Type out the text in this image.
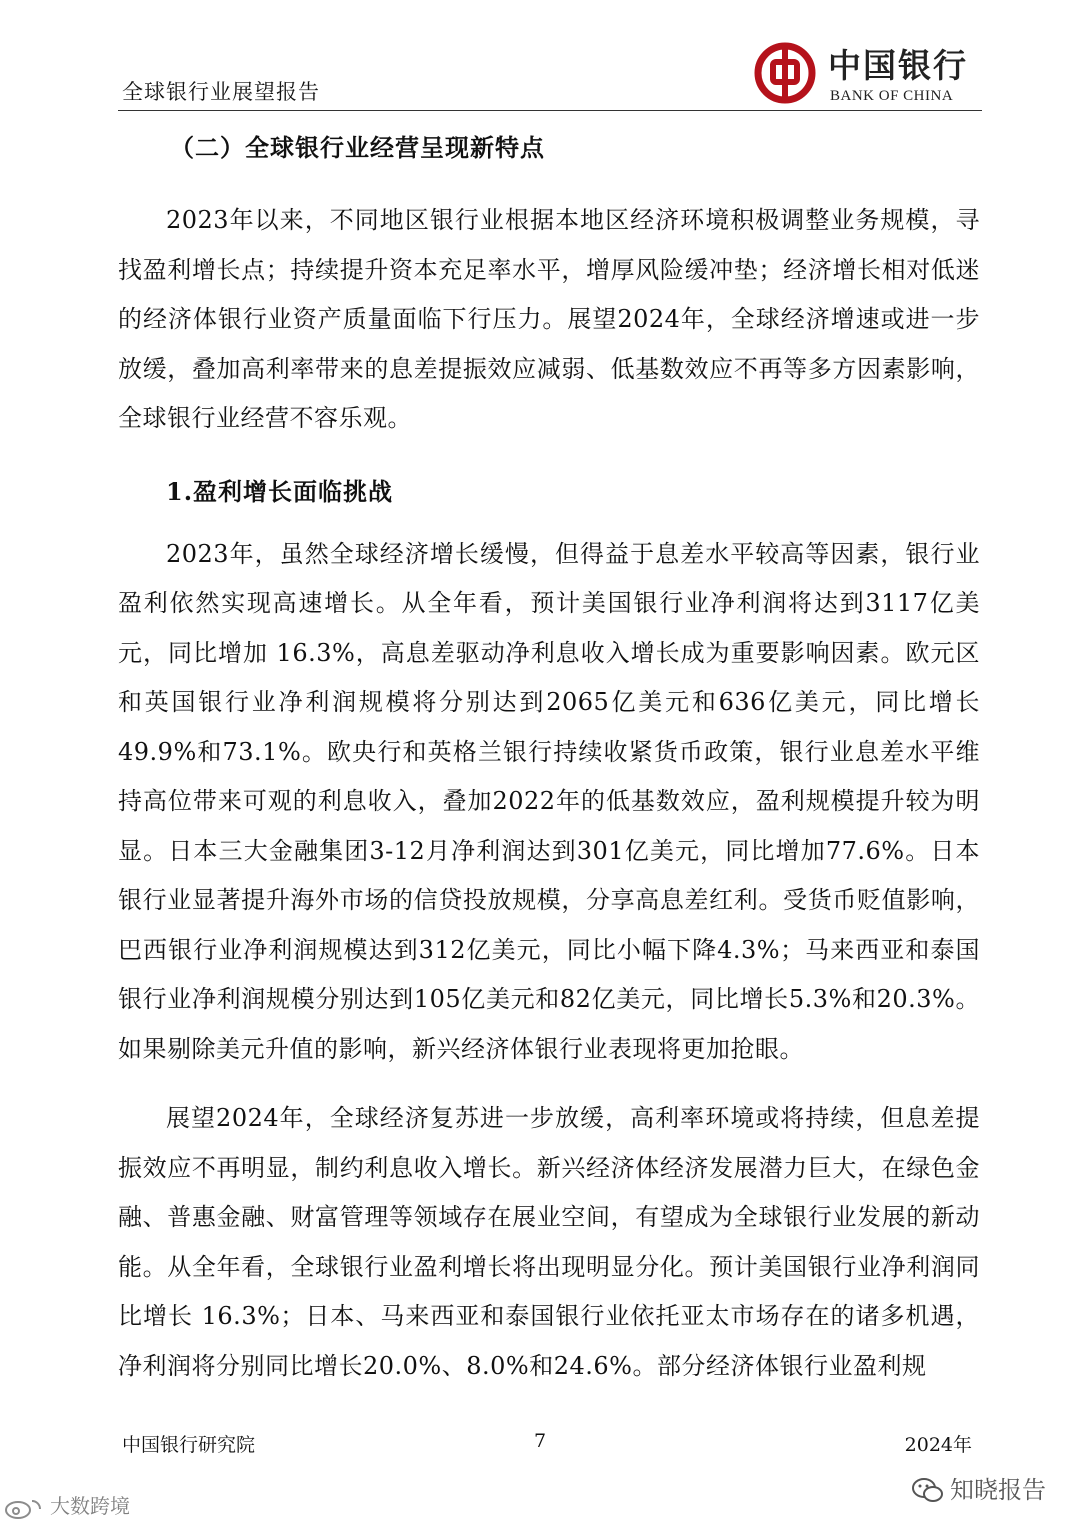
全球银行业展望报告
中国银行
BANK OF CHINA

（二）全球银行业经营呈现新特点

2023年以来，不同地区银行业根据本地区经济环境积极调整业务规模，寻找盈利增长点；持续提升资本充足率水平，增厚风险缓冲垫；经济增长相对低迷的经济体银行业资产质量面临下行压力。展望2024年，全球经济增速或进一步放缓，叠加高利率带来的息差提振效应减弱、低基数效应不再等多方因素影响，全球银行业经营不容乐观。

1.盈利增长面临挑战

2023年，虽然全球经济增长缓慢，但得益于息差水平较高等因素，银行业盈利依然实现高速增长。从全年看，预计美国银行业净利润将达到3117亿美元，同比增加 16.3%，高息差驱动净利息收入增长成为重要影响因素。欧元区和英国银行业净利润规模将分别达到2065亿美元和636亿美元，同比增长49.9%和73.1%。欧央行和英格兰银行持续收紧货币政策，银行业息差水平维持高位带来可观的利息收入，叠加2022年的低基数效应，盈利规模提升较为明显。日本三大金融集团3-12月净利润达到301亿美元，同比增加77.6%。日本银行业显著提升海外市场的信贷投放规模，分享高息差红利。受货币贬值影响，巴西银行业净利润规模达到312亿美元，同比小幅下降4.3%；马来西亚和泰国银行业净利润规模分别达到105亿美元和82亿美元，同比增长5.3%和20.3%。如果剔除美元升值的影响，新兴经济体银行业表现将更加抢眼。

展望2024年，全球经济复苏进一步放缓，高利率环境或将持续，但息差提振效应不再明显，制约利息收入增长。新兴经济体经济发展潜力巨大，在绿色金融、普惠金融、财富管理等领域存在展业空间，有望成为全球银行业发展的新动能。从全年看，全球银行业盈利增长将出现明显分化。预计美国银行业净利润同比增长 16.3%；日本、马来西亚和泰国银行业依托亚太市场存在的诸多机遇，净利润将分别同比增长20.0%、8.0%和24.6%。部分经济体银行业盈利规

中国银行研究院	7	2024年
大数跨境
知晓报告
